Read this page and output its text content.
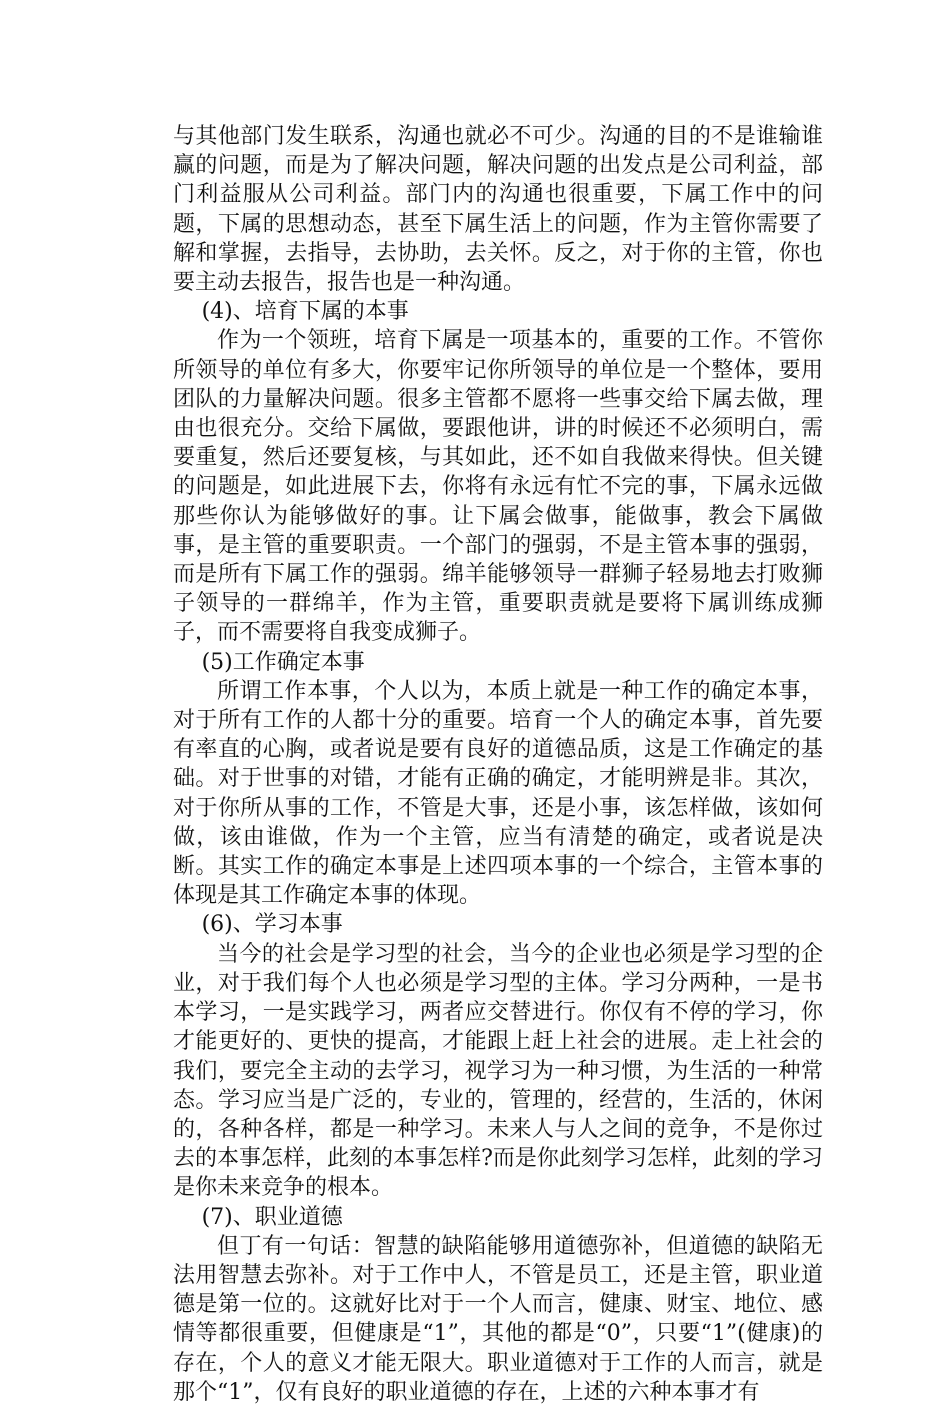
与其他部门发生联系，沟通也就必不可少。沟通的目的不是谁输谁赢的问题，而是为了解决问题，解决问题的出发点是公司利益，部门利益服从公司利益。部门内的沟通也很重要，下属工作中的问题，下属的思想动态，甚至下属生活上的问题，作为主管你需要了解和掌握，去指导，去协助，去关怀。反之，对于你的主管，你也要主动去报告，报告也是一种沟通。

(4)、培育下属的本事

作为一个领班，培育下属是一项基本的，重要的工作。不管你所领导的单位有多大，你要牢记你所领导的单位是一个整体，要用团队的力量解决问题。很多主管都不愿将一些事交给下属去做，理由也很充分。交给下属做，要跟他讲，讲的时候还不必须明白，需要重复，然后还要复核，与其如此，还不如自我做来得快。但关键的问题是，如此进展下去，你将有永远有忙不完的事，下属永远做那些你认为能够做好的事。让下属会做事，能做事，教会下属做事，是主管的重要职责。一个部门的强弱，不是主管本事的强弱，而是所有下属工作的强弱。绵羊能够领导一群狮子轻易地去打败狮子领导的一群绵羊，作为主管，重要职责就是要将下属训练成狮子，而不需要将自我变成狮子。

(5)工作确定本事

所谓工作本事，个人以为，本质上就是一种工作的确定本事，对于所有工作的人都十分的重要。培育一个人的确定本事，首先要有率直的心胸，或者说是要有良好的道德品质，这是工作确定的基础。对于世事的对错，才能有正确的确定，才能明辨是非。其次，对于你所从事的工作，不管是大事，还是小事，该怎样做，该如何做，该由谁做，作为一个主管，应当有清楚的确定，或者说是决断。其实工作的确定本事是上述四项本事的一个综合，主管本事的体现是其工作确定本事的体现。

(6)、学习本事

当今的社会是学习型的社会，当今的企业也必须是学习型的企业，对于我们每个人也必须是学习型的主体。学习分两种，一是书本学习，一是实践学习，两者应交替进行。你仅有不停的学习，你才能更好的、更快的提高，才能跟上赶上社会的进展。走上社会的我们，要完全主动的去学习，视学习为一种习惯，为生活的一种常态。学习应当是广泛的，专业的，管理的，经营的，生活的，休闲的，各种各样，都是一种学习。未来人与人之间的竞争，不是你过去的本事怎样，此刻的本事怎样?而是你此刻学习怎样，此刻的学习是你未来竞争的根本。

(7)、职业道德

但丁有一句话：智慧的缺陷能够用道德弥补，但道德的缺陷无法用智慧去弥补。对于工作中人，不管是员工，还是主管，职业道德是第一位的。这就好比对于一个人而言，健康、财宝、地位、感情等都很重要，但健康是“1”，其他的都是“0”，只要“1”(健康)的存在，个人的意义才能无限大。职业道德对于工作的人而言，就是那个“1”，仅有良好的职业道德的存在，上述的六种本事才有
